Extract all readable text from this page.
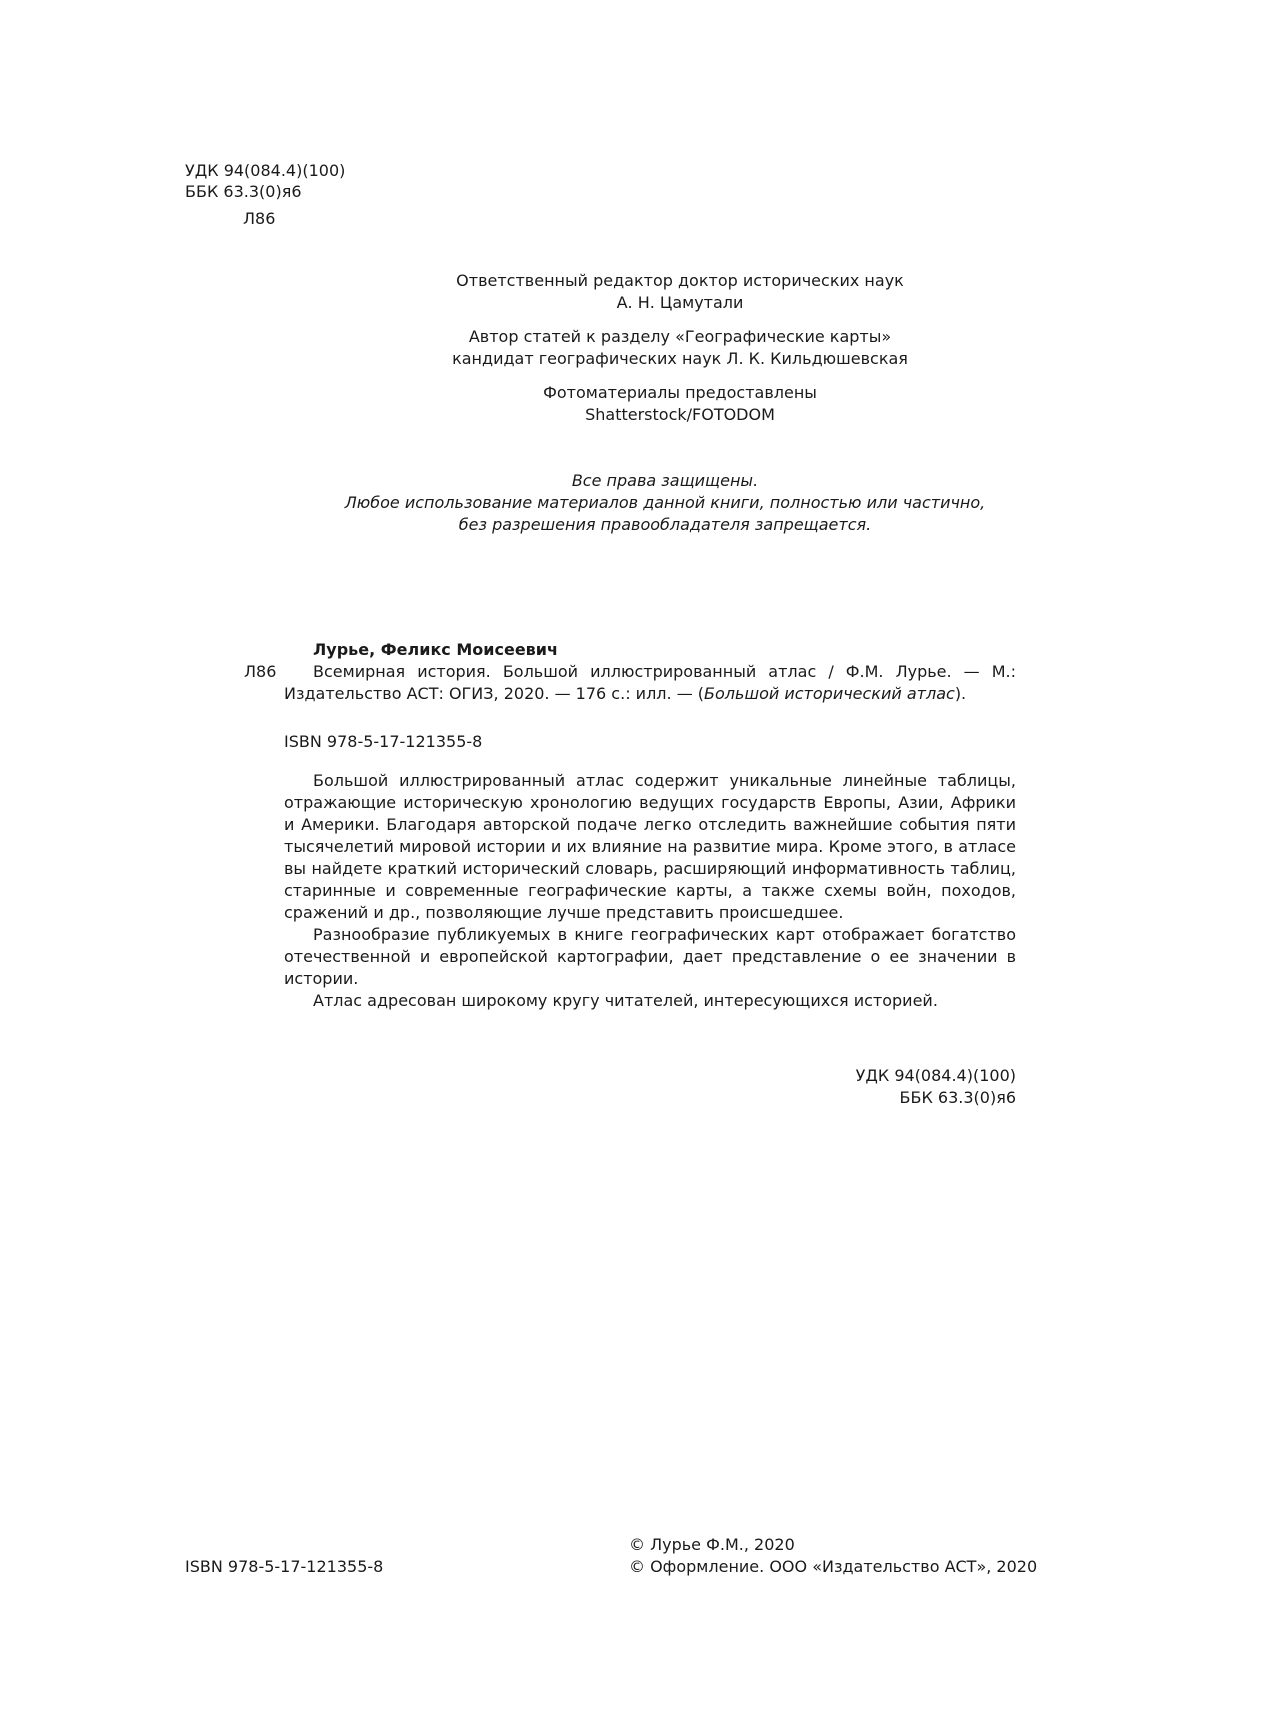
УДК 94(084.4)(100)
ББК 63.3(0)я6
Л86
Ответственный редактор доктор исторических наук
А. Н. Цамутали
Автор статей к разделу «Географические карты»
кандидат географических наук Л. К. Кильдюшевская
Фотоматериалы предоставлены
Shatterstock/FOTODOM
Все права защищены.
Любое использование материалов данной книги, полностью или частично,
без разрешения правообладателя запрещается.
Лурье, Феликс Моисеевич
Л86	Всемирная история. Большой иллюстрированный атлас / Ф.М. Лурье. — М.: Издательство АСТ: ОГИЗ, 2020. — 176 с.: илл. — (Большой исторический атлас).
ISBN 978-5-17-121355-8

Большой иллюстрированный атлас содержит уникальные линейные таблицы, отражающие историческую хронологию ведущих государств Европы, Азии, Африки и Америки. Благодаря авторской подаче легко отследить важнейшие события пяти тысячелетий мировой истории и их влияние на развитие мира. Кроме этого, в атласе вы найдете краткий исторический словарь, расширяющий информативность таблиц, старинные и современные географические карты, а также схемы войн, походов, сражений и др., позволяющие лучше представить происшедшее.

Разнообразие публикуемых в книге географических карт отображает богатство отечественной и европейской картографии, дает представление о ее значении в истории.

Атлас адресован широкому кругу читателей, интересующихся историей.

УДК 94(084.4)(100)
ББК 63.3(0)я6
ISBN 978-5-17-121355-8
© Лурье Ф.М., 2020
© Оформление. ООО «Издательство АСТ», 2020
